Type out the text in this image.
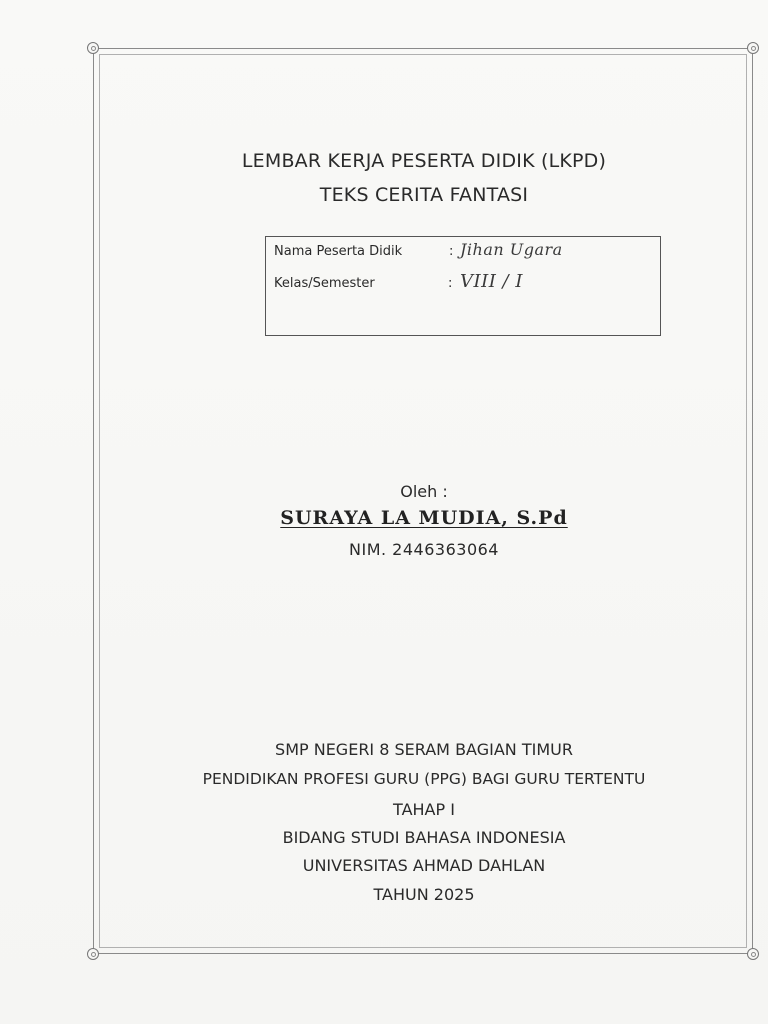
LEMBAR KERJA PESERTA DIDIK (LKPD)
TEKS CERITA FANTASI
Nama Peserta Didik	: Jihan Ugara
Kelas/Semester	: VIII / I
Oleh :
SURAYA LA MUDIA, S.Pd
NIM. 2446363064
SMP NEGERI 8 SERAM BAGIAN TIMUR
PENDIDIKAN PROFESI GURU (PPG) BAGI GURU TERTENTU
TAHAP I
BIDANG STUDI BAHASA INDONESIA
UNIVERSITAS AHMAD DAHLAN
TAHUN 2025
